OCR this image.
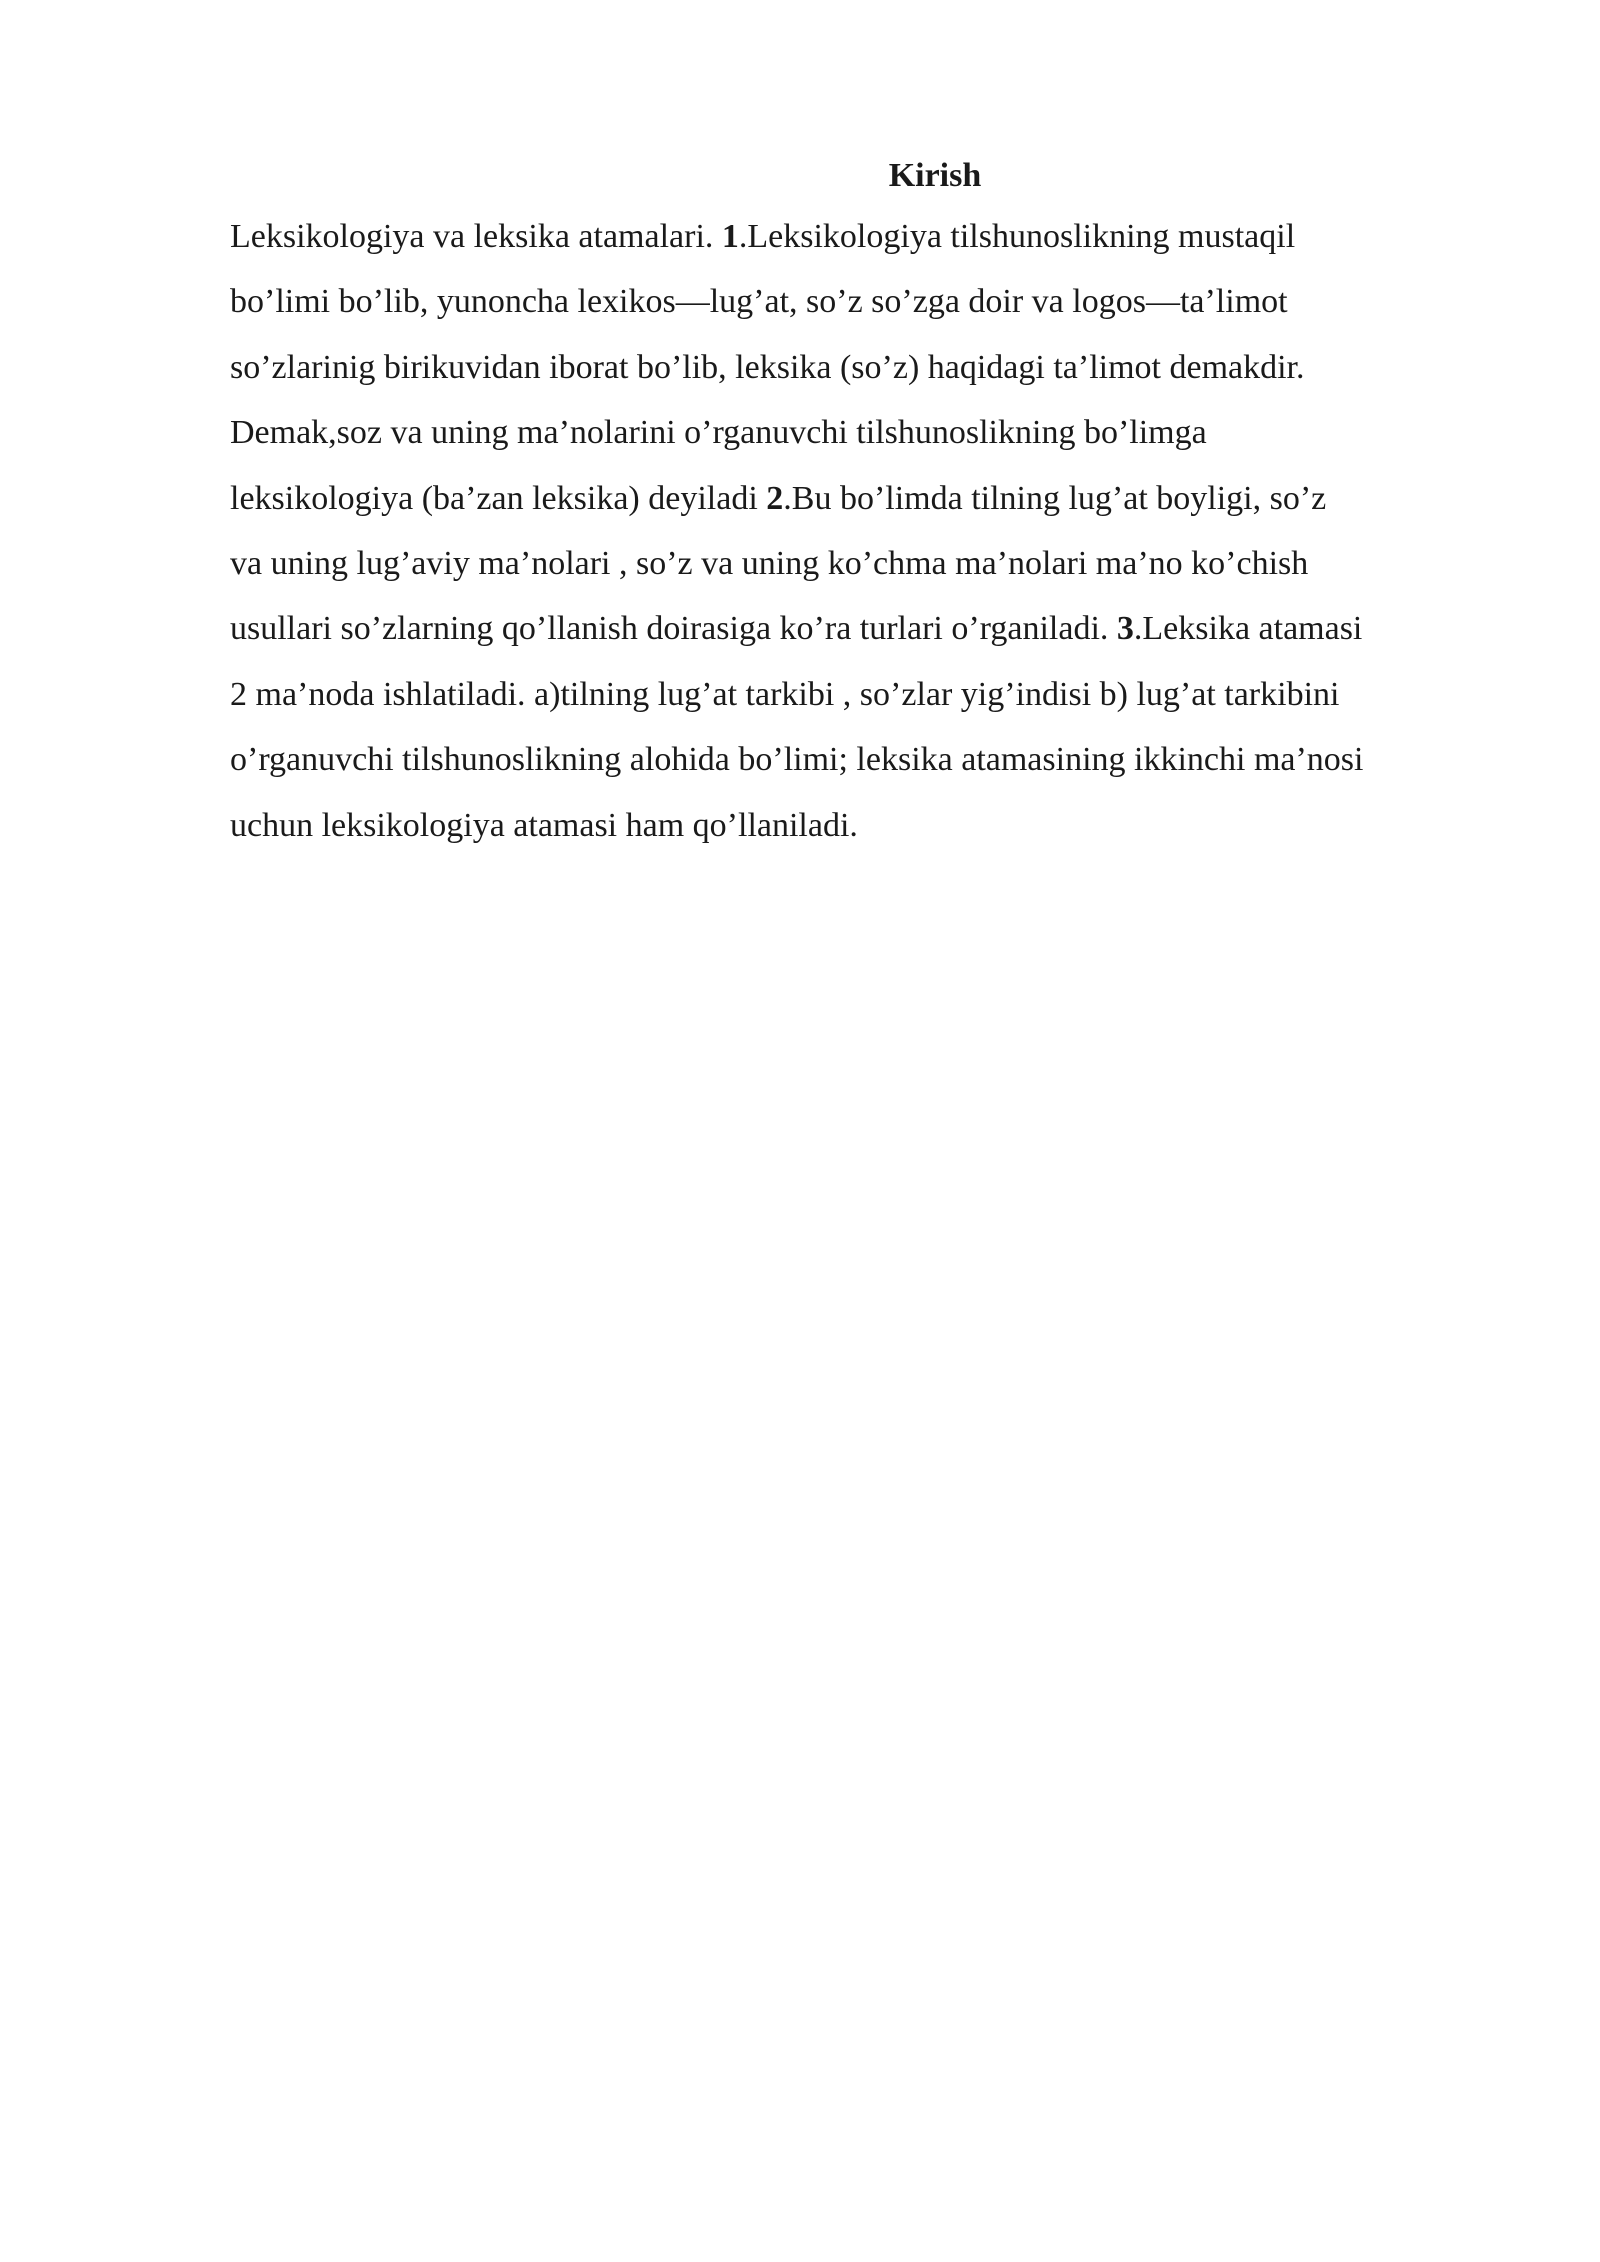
Kirish

Leksikologiya va leksika atamalari. 1.Leksikologiya tilshunoslikning mustaqil
bo’limi bo’lib, yunoncha lexikos—lug’at, so’z so’zga doir va logos—ta’limot
so’zlarinig birikuvidan iborat bo’lib, leksika (so’z) haqidagi ta’limot demakdir.
Demak,soz va uning ma’nolarini o’rganuvchi tilshunoslikning bo’limga
leksikologiya (ba’zan leksika) deyiladi 2.Bu bo’limda tilning lug’at boyligi, so’z
va uning lug’aviy ma’nolari , so’z va uning ko’chma ma’nolari ma’no ko’chish
usullari so’zlarning qo’llanish doirasiga ko’ra turlari o’rganiladi. 3.Leksika atamasi
2 ma’noda ishlatiladi. a)tilning lug’at tarkibi , so’zlar yig’indisi b) lug’at tarkibini
o’rganuvchi tilshunoslikning alohida bo’limi; leksika atamasining ikkinchi ma’nosi
uchun leksikologiya atamasi ham qo’llaniladi.
